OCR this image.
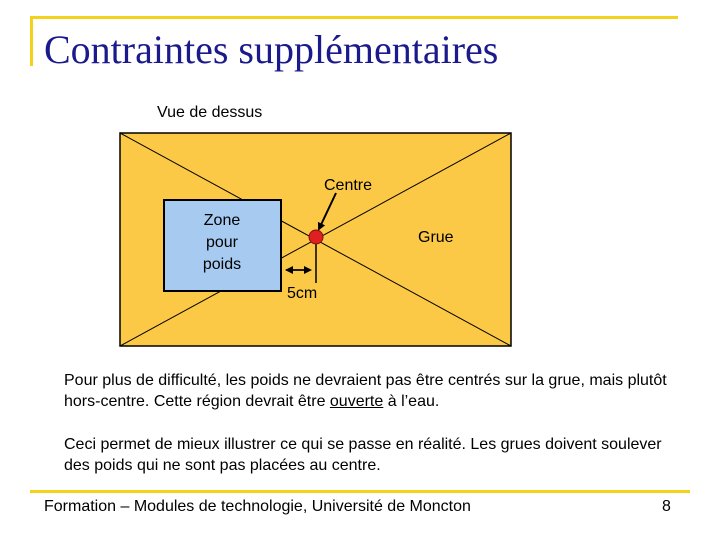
Contraintes supplémentaires
Vue de dessus
Centre
Zone
pour
poids
Grue
5cm
Pour plus de difficulté, les poids ne devraient pas être centrés sur la grue, mais plutôt hors-centre. Cette région devrait être ouverte à l’eau.
Ceci permet de mieux illustrer ce qui se passe en réalité. Les grues doivent soulever des poids qui ne sont pas placées au centre.
Formation – Modules de technologie, Université de Moncton	8
